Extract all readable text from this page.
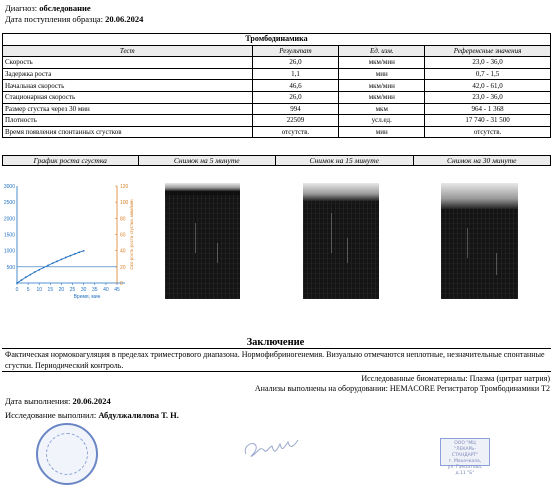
Диагноз: обследование
Дата поступления образца: 20.06.2024
Тромбодинамика			
Тест	Результат	Ед. изм.	Референсные значения
Скорость	26,0	мкм/мин	23,0 - 36,0
Задержка роста	1,1	мин	0,7 - 1,5
Начальная скорость	46,6	мкм/мин	42,0 - 61,0
Стационарная скорость	26,0	мкм/мин	23,0 - 36,0
Размер сгустка через 30 мин	994	мкм	964 - 1 368
Плотность	22509	усл.ед.	17 740 - 31 500
Время появления спонтанных сгустков	отсутств.	мин	отсутств.
График роста сгустка	Снимок на 5 минуте	Снимок на 15 минуте	Снимок на 30 минуте
500
1000
1500
2000
2500
3000
0
20
40
60
80
100
120
0 5 10 15 20 25 30 35 40 45
Время, мин
Ско-рость роста сгустка, мкм/мин
Заключение
Фактическая нормокоагуляция в пределах триместрового диапазона. Нормофибриногенемия. Визуально отмечаются неплотные, незначительные спонтанные сгустки. Периодический контроль.
Исследованные биоматериалы: Плазма (цитрат натрия)
Анализы выполнены на оборудовании: HEMACORE Регистратор Тромбодинамики Т2
Дата выполнения: 20.06.2024
Исследование выполнил: Абдулжалилова Т. Н.
ООО "МЦ "ЛЕКАРЬ-СТАНДАРТ"
г. Махачкала,
ул. Гамзатова, д.11 "Б"
